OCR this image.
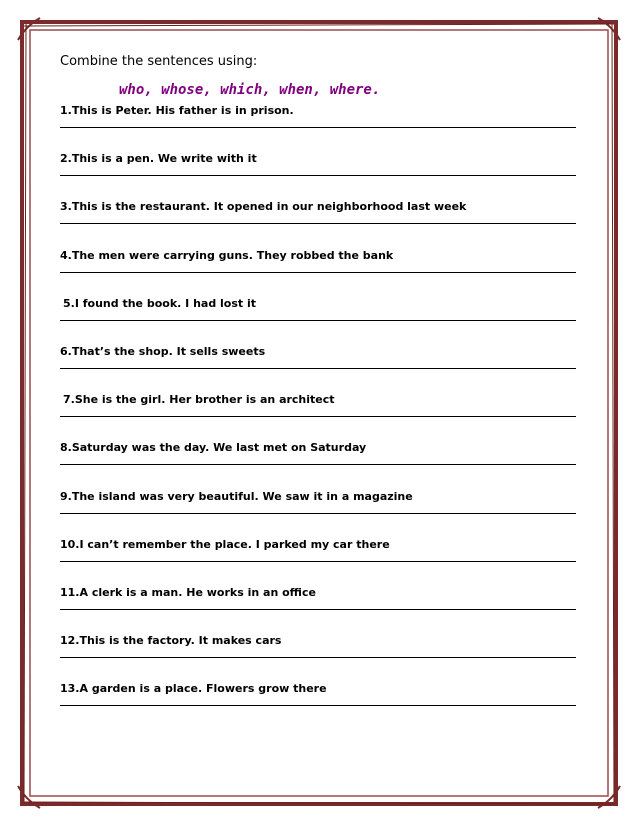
Combine the sentences using:

who, whose, which, when, where.

1.This is Peter. His father is in prison.
2.This is a pen. We write with it
3.This is the restaurant. It opened in our neighborhood last week
4.The men were carrying guns. They robbed the bank
5.I found the book. I had lost it
6.That’s the shop. It sells sweets
7.She is the girl. Her brother is an architect
8.Saturday was the day. We last met on Saturday
9.The island was very beautiful. We saw it in a magazine
10.I can’t remember the place. I parked my car there
11.A clerk is a man. He works in an office
12.This is the factory. It makes cars
13.A garden is a place. Flowers grow there
